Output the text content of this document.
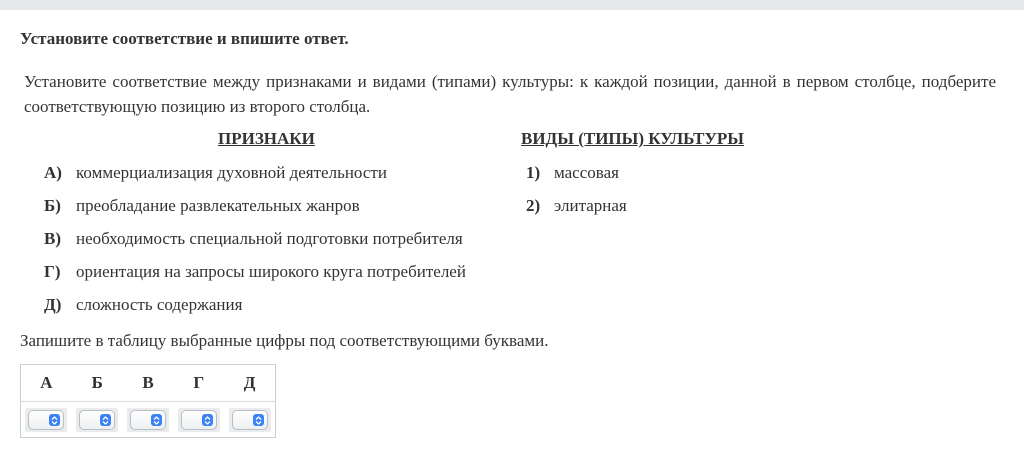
Установите соответствие и впишите ответ.
Установите соответствие между признаками и видами (типами) культуры: к каждой позиции, данной в первом столбце, подберите соответствующую позицию из второго столбца.
ПРИЗНАКИ	ВИДЫ (ТИПЫ) КУЛЬТУРЫ
А) коммерциализация духовной деятельности
Б) преобладание развлекательных жанров
В) необходимость специальной подготовки потребителя
Г) ориентация на запросы широкого круга потребителей
Д) сложность содержания
1) массовая
2) элитарная
Запишите в таблицу выбранные цифры под соответствующими буквами.
А	Б	В	Г	Д
